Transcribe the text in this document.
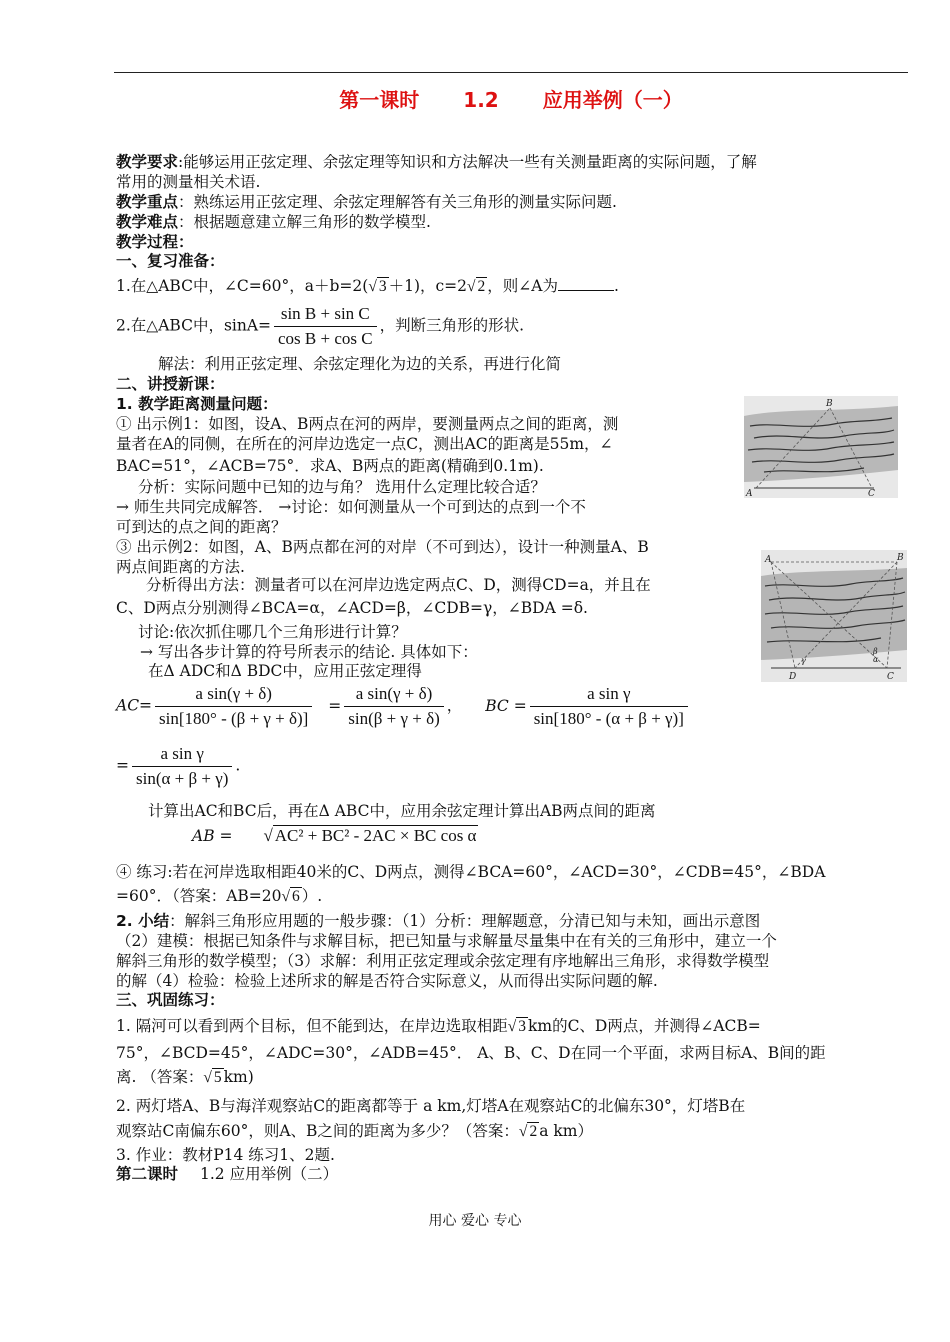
第一课时 1.2 应用举例（一）
教学要求:能够运用正弦定理、余弦定理等知识和方法解决一些有关测量距离的实际问题，了解
常用的测量相关术语.
教学重点：熟练运用正弦定理、余弦定理解答有关三角形的测量实际问题.
教学难点：根据题意建立解三角形的数学模型.
教学过程：
一、复习准备：
1.在△ABC中，∠C=60°，a＋b=2(√ 3 ＋1)，c=2√ 2 ，则∠A为	.
2.在△ABC中，$\sin A= \frac{\text{sin B + sin C}}{\text{cos B + cos C}}$ ，判断三角形的形状.
解法：利用正弦定理、余弦定理化为边的关系，再进行化简
二、讲授新课：
1. 教学距离测量问题：
① 出示例1：如图，设A、B两点在河的两岸，要测量两点之间的距离，测
量者在A的同侧，在所在的河岸边选定一点C，测出AC的距离是55m，∠
BAC=51°，∠ACB=75°．求A、B两点的距离(精确到0.1m).
分析：实际问题中已知的边与角？ 选用什么定理比较合适？
→ 师生共同完成解答． →讨论：如何测量从一个可到达的点到一个不
可到达的点之间的距离？
B
A	C
③ 出示例2：如图，A、B两点都在河的对岸（不可到达），设计一种测量A、B
两点间距离的方法.
分析得出方法：测量者可以在河岸边选定两点C、D，测得CD=a，并且在
C、D两点分别测得∠BCA=α，∠ACD=β，∠CDB=γ，∠BDA =δ.
讨论:依次抓住哪几个三角形进行计算？
→ 写出各步计算的符号所表示的结论. 具体如下：
在Δ ADC和Δ BDC中，应用正弦定理得
A	B
D	C
γ	α
β
$AC= \frac{\text{a sin(γ + δ)}}{\sin[180^\circ - (\beta + \gamma + \delta)]} = \frac{\text{a sin(γ + δ)}}{\sin(\beta + \gamma + \delta)}$ ， BC = $\frac{\text{a sin γ}}{\sin[180^\circ - (\alpha + \beta + \gamma)]}$
= $\frac{\text{a sin γ}}{\sin(\alpha + \beta + \gamma)}$ .
计算出AC和BC后，再在Δ ABC中，应用余弦定理计算出AB两点间的距离
AB = √ AC² + BC² - 2AC × BC cos α
④ 练习:若在河岸选取相距40米的C、D两点，测得∠BCA=60°，∠ACD=30°，∠CDB=45°，∠BDA
=60°．（答案：AB=20√ 6 ）.
2. 小结：解斜三角形应用题的一般步骤：（1）分析：理解题意，分清已知与未知，画出示意图
（2）建模：根据已知条件与求解目标，把已知量与求解量尽量集中在有关的三角形中，建立一个
解斜三角形的数学模型；（3）求解：利用正弦定理或余弦定理有序地解出三角形，求得数学模型
的解（4）检验：检验上述所求的解是否符合实际意义，从而得出实际问题的解.
三、巩固练习：
1. 隔河可以看到两个目标，但不能到达，在岸边选取相距√ 3 km的C、D两点，并测得∠ACB=
75°，∠BCD=45°，∠ADC=30°，∠ADB=45°． A、B、C、D在同一个平面，求两目标A、B间的距
离. （答案：√ 5 km)
2. 两灯塔A、B与海洋观察站C的距离都等于 a km,灯塔A在观察站C的北偏东30°，灯塔B在
观察站C南偏东60°，则A、B之间的距离为多少？（答案：√ 2 a km）
3. 作业：教材P14 练习1、2题.
第二课时 1.2 应用举例（二）
用心 爱心 专心
